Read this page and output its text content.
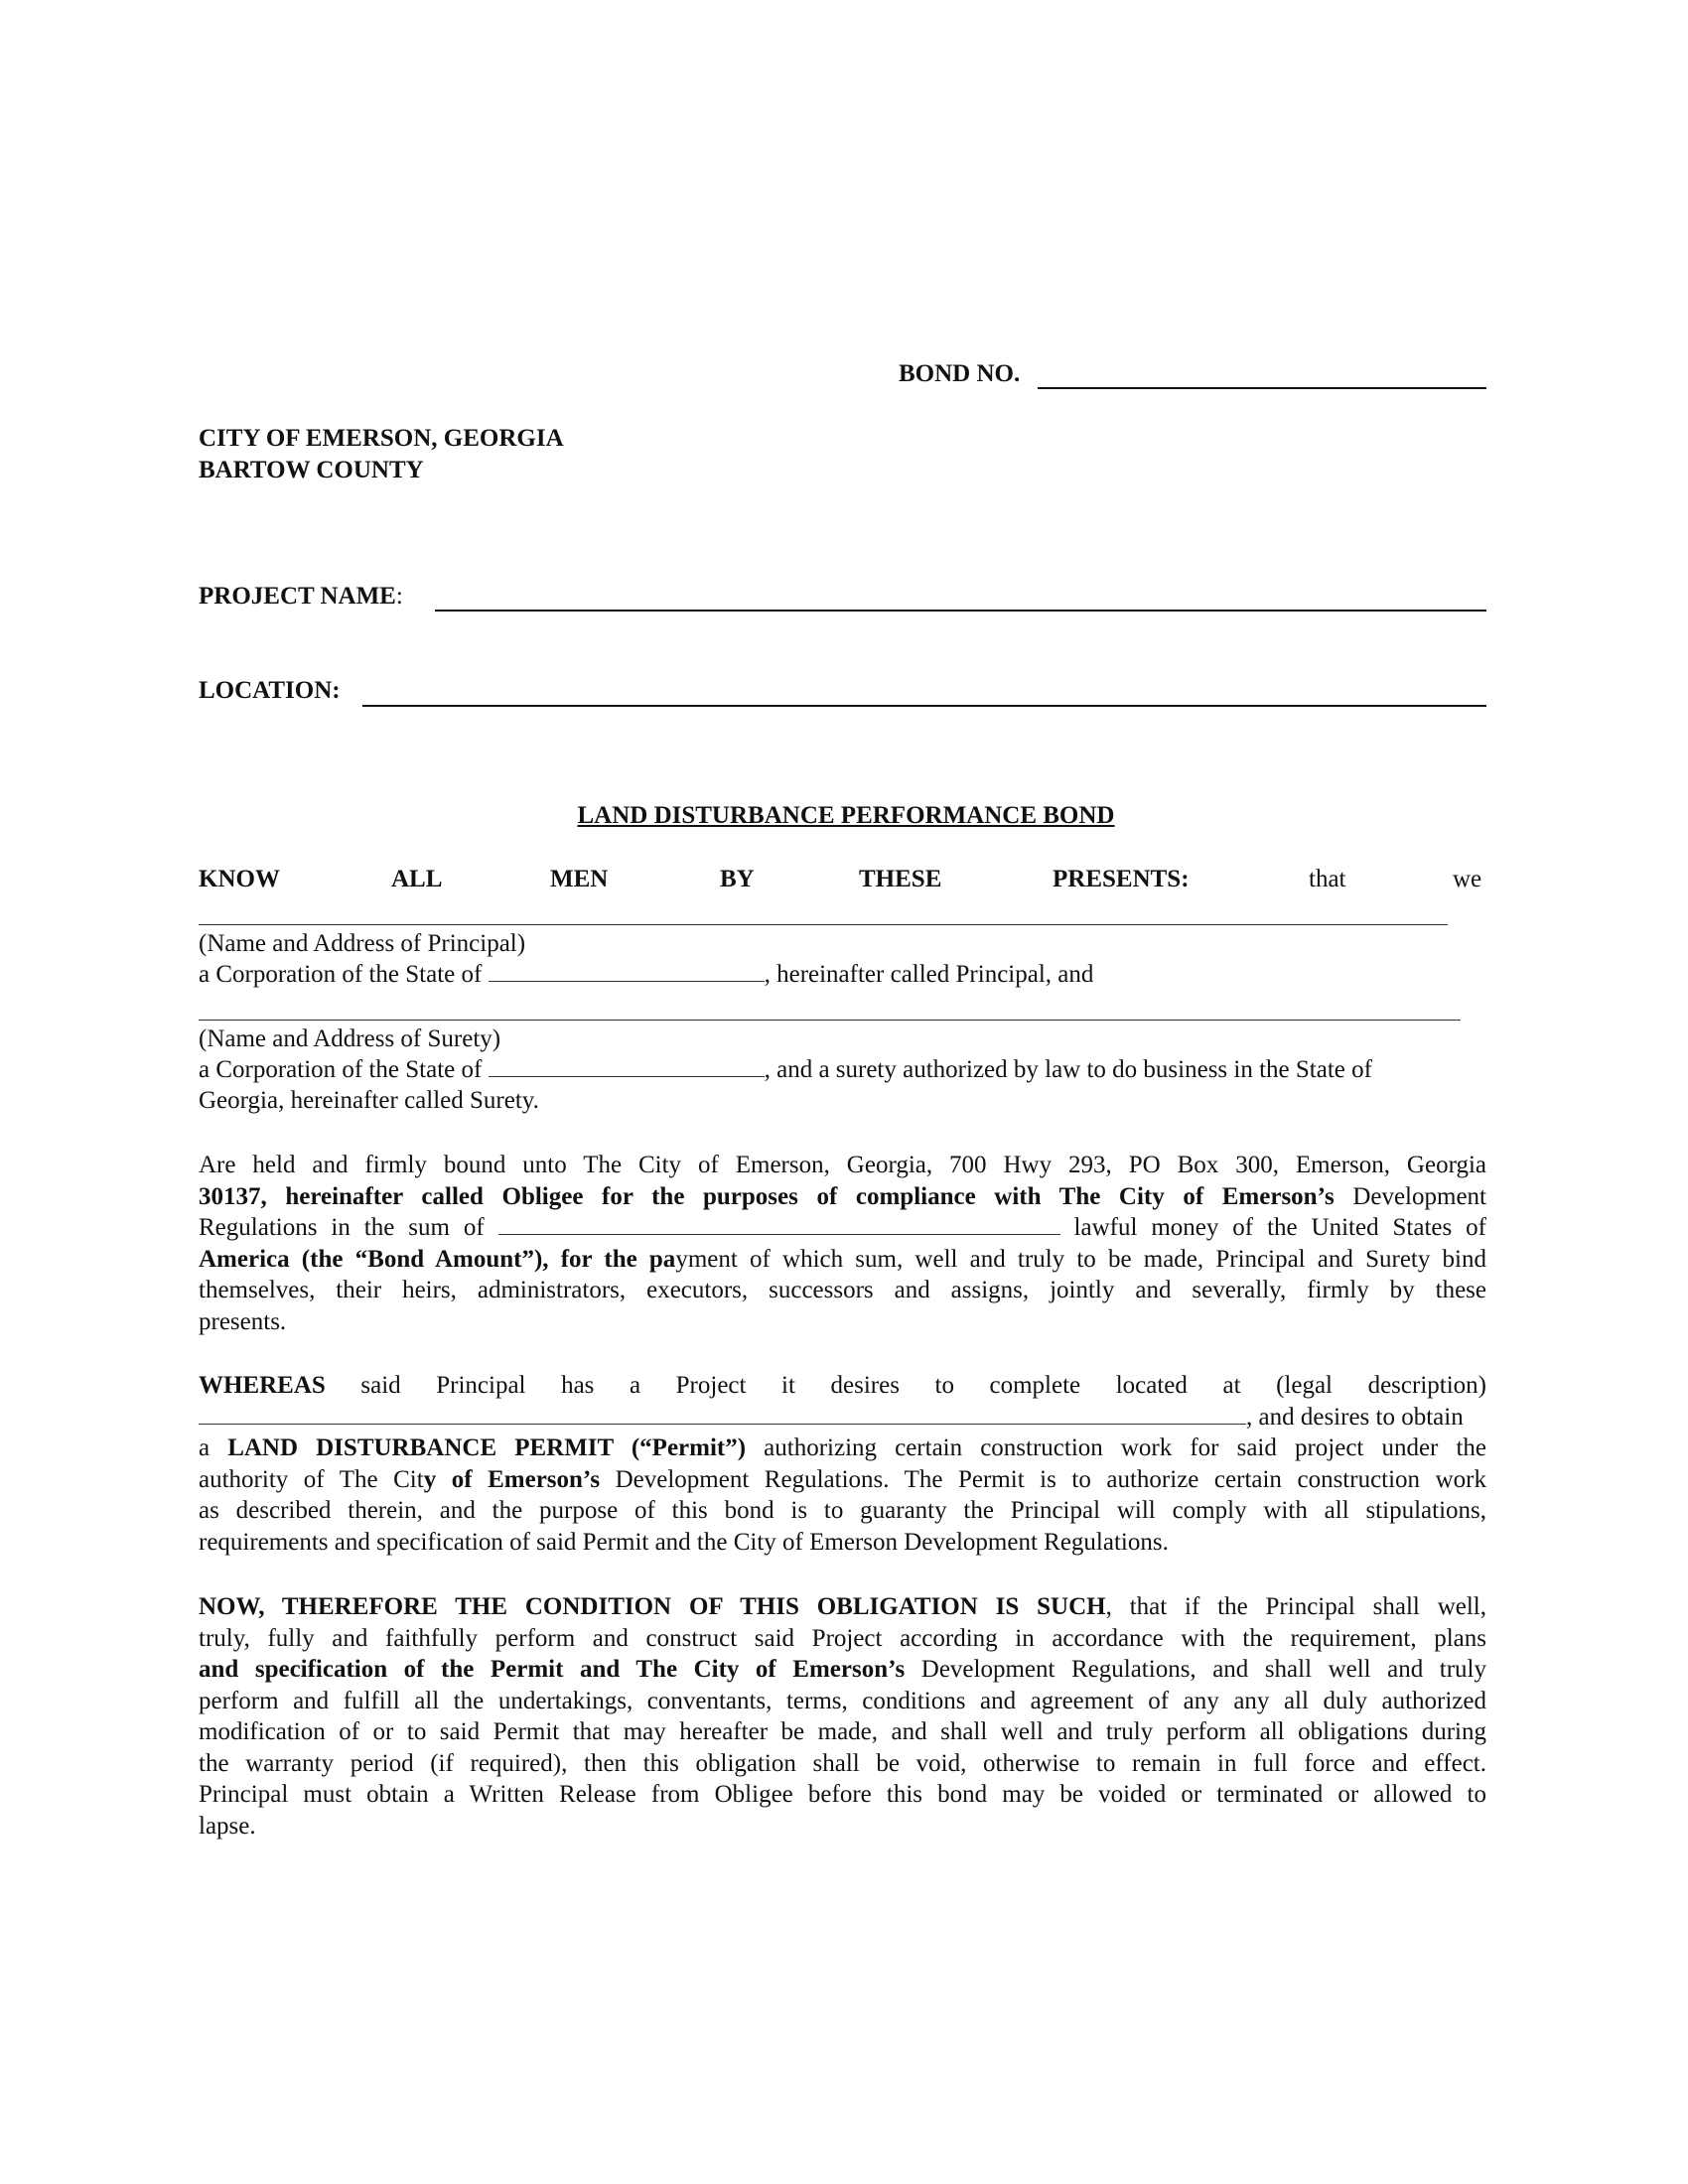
BOND NO.
CITY OF EMERSON, GEORGIA
BARTOW COUNTY
PROJECT NAME:
LOCATION:
LAND DISTURBANCE PERFORMANCE BOND
KNOW	ALL	MEN	BY	THESE	PRESENTS:	that	we
(Name and Address of Principal)
a Corporation of the State of	, hereinafter called Principal, and
(Name and Address of Surety)
a Corporation of the State of	, and a surety authorized by law to do business in the State of
Georgia, hereinafter called Surety.
Are held and firmly bound unto The City of Emerson, Georgia, 700 Hwy 293, PO Box 300, Emerson, Georgia
30137, hereinafter called Obligee for the purposes of compliance with The City of Emerson’s Development
Regulations in the sum of	lawful money of the United States of
America (the “Bond Amount”), for the payment of which sum, well and truly to be made, Principal and Surety bind
themselves, their heirs, administrators, executors, successors and assigns, jointly and severally, firmly by these
presents.
WHEREAS said Principal has a Project it desires to complete located at (legal description)
, and desires to obtain
a LAND DISTURBANCE PERMIT (“Permit”) authorizing certain construction work for said project under the
authority of The City of Emerson’s Development Regulations. The Permit is to authorize certain construction work
as described therein, and the purpose of this bond is to guaranty the Principal will comply with all stipulations,
requirements and specification of said Permit and the City of Emerson Development Regulations.
NOW, THEREFORE THE CONDITION OF THIS OBLIGATION IS SUCH, that if the Principal shall well,
truly, fully and faithfully perform and construct said Project according in accordance with the requirement, plans
and specification of the Permit and The City of Emerson’s Development Regulations, and shall well and truly
perform and fulfill all the undertakings, conventants, terms, conditions and agreement of any any all duly authorized
modification of or to said Permit that may hereafter be made, and shall well and truly perform all obligations during
the warranty period (if required), then this obligation shall be void, otherwise to remain in full force and effect.
Principal must obtain a Written Release from Obligee before this bond may be voided or terminated or allowed to
lapse.
